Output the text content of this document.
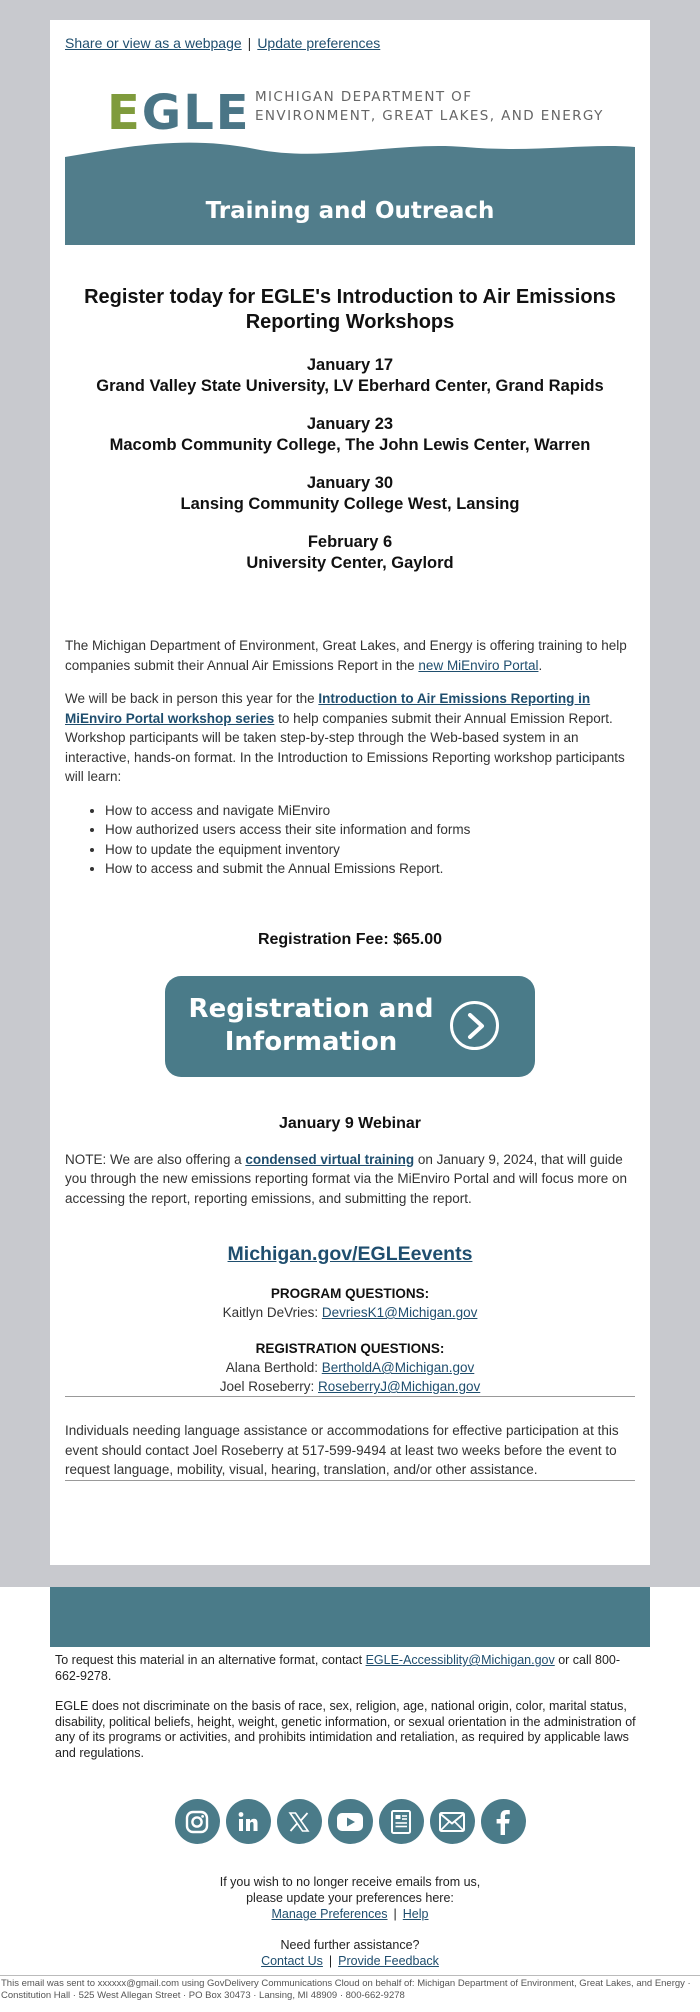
Share or view as a webpage | Update preferences
EGLE MICHIGAN DEPARTMENT OF
ENVIRONMENT, GREAT LAKES, AND ENERGY
Training and Outreach
Register today for EGLE's Introduction to Air Emissions Reporting Workshops
January 17
Grand Valley State University, LV Eberhard Center, Grand Rapids
January 23
Macomb Community College, The John Lewis Center, Warren
January 30
Lansing Community College West, Lansing
February 6
University Center, Gaylord

The Michigan Department of Environment, Great Lakes, and Energy is offering training to help companies submit their Annual Air Emissions Report in the new MiEnviro Portal.

We will be back in person this year for the Introduction to Air Emissions Reporting in MiEnviro Portal workshop series to help companies submit their Annual Emission Report. Workshop participants will be taken step-by-step through the Web-based system in an interactive, hands-on format. In the Introduction to Emissions Reporting workshop participants will learn:

• How to access and navigate MiEnviro
• How authorized users access their site information and forms
• How to update the equipment inventory
• How to access and submit the Annual Emissions Report.
Registration Fee: $65.00
Registration and
Information
January 9 Webinar

NOTE: We are also offering a condensed virtual training on January 9, 2024, that will guide you through the new emissions reporting format via the MiEnviro Portal and will focus more on accessing the report, reporting emissions, and submitting the report.

Michigan.gov/EGLEevents
PROGRAM QUESTIONS:
Kaitlyn DeVries: DevriesK1@Michigan.gov
REGISTRATION QUESTIONS:
Alana Berthold: BertholdA@Michigan.gov
Joel Roseberry: RoseberryJ@Michigan.gov

Individuals needing language assistance or accommodations for effective participation at this event should contact Joel Roseberry at 517-599-9494 at least two weeks before the event to request language, mobility, visual, hearing, translation, and/or other assistance.

To request this material in an alternative format, contact EGLE-Accessiblity@Michigan.gov or call 800-662-9278.

EGLE does not discriminate on the basis of race, sex, religion, age, national origin, color, marital status, disability, political beliefs, height, weight, genetic information, or sexual orientation in the administration of any of its programs or activities, and prohibits intimidation and retaliation, as required by applicable laws and regulations.

If you wish to no longer receive emails from us,
please update your preferences here:
Manage Preferences | Help
Need further assistance?
Contact Us | Provide Feedback
This email was sent to xxxxxx@gmail.com using GovDelivery Communications Cloud on behalf of: Michigan Department of Environment, Great Lakes, and Energy · Constitution Hall · 525 West Allegan Street · PO Box 30473 · Lansing, MI 48909 · 800-662-9278
